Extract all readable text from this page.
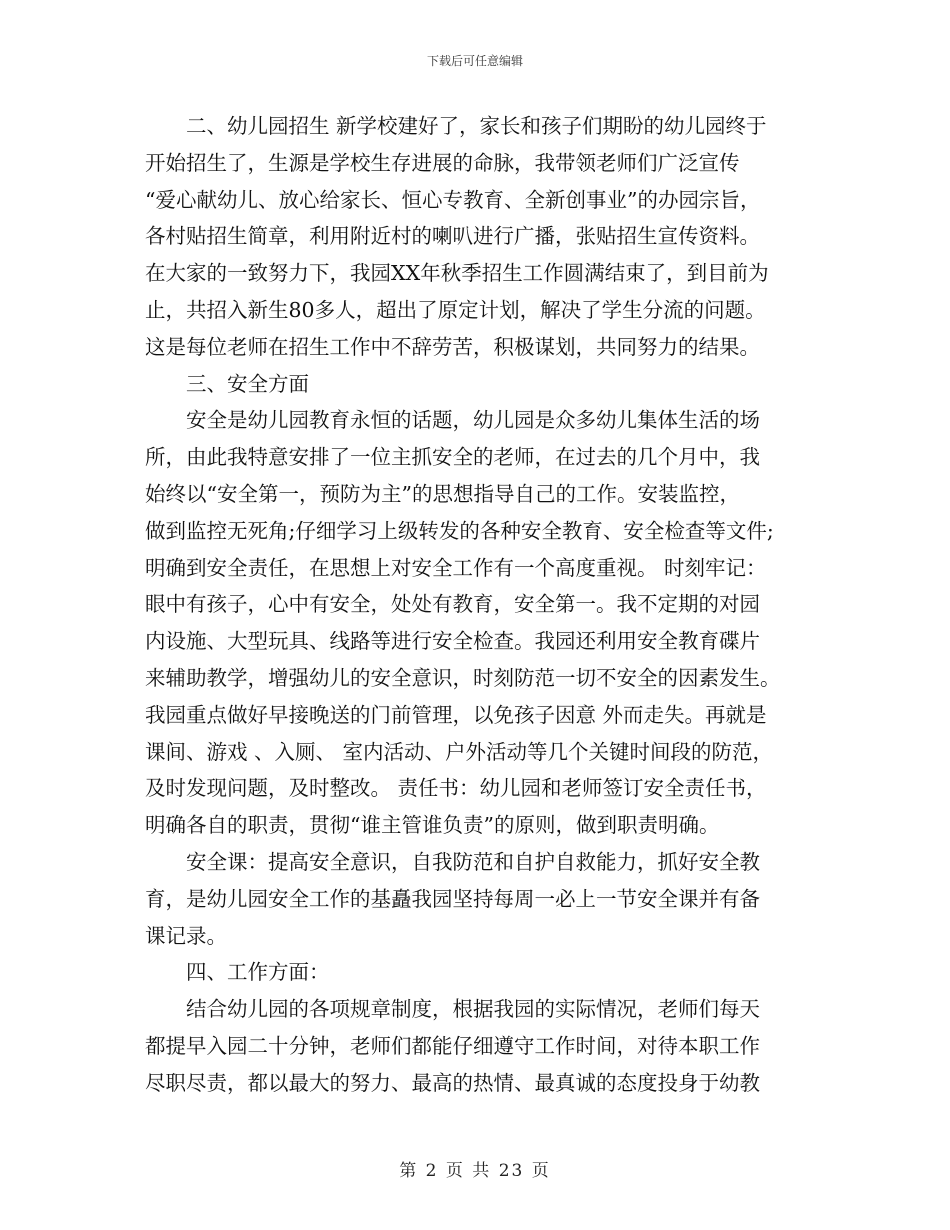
下载后可任意编辑
　　二、幼儿园招生 新学校建好了，家长和孩子们期盼的幼儿园终于
开始招生了，生源是学校生存进展的命脉，我带领老师们广泛宣传
“爱心献幼儿、放心给家长、恒心专教育、全新创事业”的办园宗旨，
各村贴招生简章，利用附近村的喇叭进行广播，张贴招生宣传资料。
在大家的一致努力下，我园XX年秋季招生工作圆满结束了，到目前为
止，共招入新生80多人，超出了原定计划，解决了学生分流的问题。
这是每位老师在招生工作中不辞劳苦，积极谋划，共同努力的结果。
　　三、安全方面
　　安全是幼儿园教育永恒的话题，幼儿园是众多幼儿集体生活的场
所，由此我特意安排了一位主抓安全的老师，在过去的几个月中，我
始终以“安全第一，预防为主”的思想指导自己的工作。安装监控，
做到监控无死角;仔细学习上级转发的各种安全教育、安全检查等文件;
明确到安全责任，在思想上对安全工作有一个高度重视。 时刻牢记：
眼中有孩子，心中有安全，处处有教育，安全第一。我不定期的对园
内设施、大型玩具、线路等进行安全检查。我园还利用安全教育碟片
来辅助教学，增强幼儿的安全意识，时刻防范一切不安全的因素发生。
我园重点做好早接晚送的门前管理，以免孩子因意 外而走失。再就是
课间、游戏 、入厕、 室内活动、户外活动等几个关键时间段的防范，
及时发现问题，及时整改。 责任书：幼儿园和老师签订安全责任书，
明确各自的职责，贯彻“谁主管谁负责”的原则，做到职责明确。
　　安全课：提高安全意识，自我防范和自护自救能力，抓好安全教
育，是幼儿园安全工作的基矗我园坚持每周一必上一节安全课并有备
课记录。
　　四、工作方面：
　　结合幼儿园的各项规章制度，根据我园的实际情况，老师们每天
都提早入园二十分钟，老师们都能仔细遵守工作时间，对待本职工作
尽职尽责，都以最大的努力、最高的热情、最真诚的态度投身于幼教
第 2 页 共 23 页
